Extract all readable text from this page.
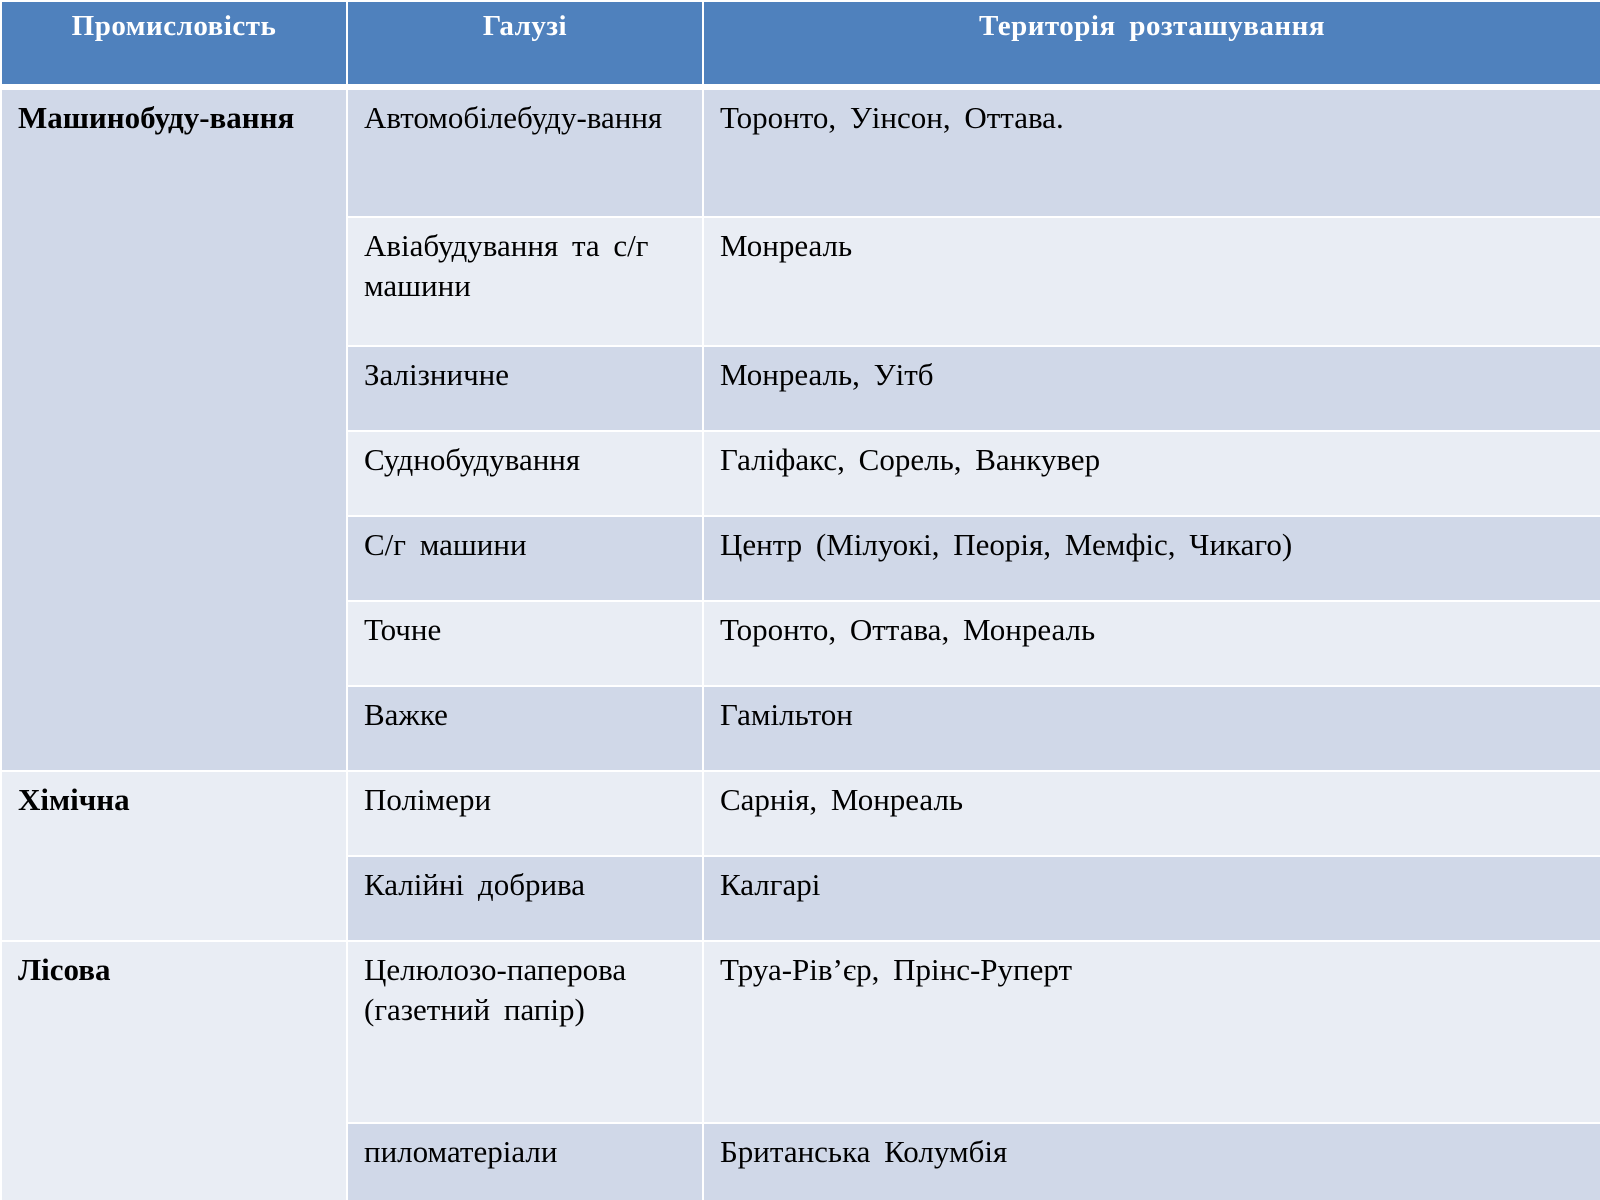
Промисловість	Галузі	Територія розташування
Машинобуду-вання	Автомобілебуду-вання	Торонто, Уінсон, Оттава.
	Авіабудування та с/г машини	Монреаль
	Залізничне	Монреаль, Уітб
	Суднобудування	Галіфакс, Сорель, Ванкувер
	С/г машини	Центр (Мілуокі, Пеорія, Мемфіс, Чикаго)
	Точне	Торонто, Оттава, Монреаль
	Важке	Гамільтон
Хімічна	Полімери	Сарнія, Монреаль
	Калійні добрива	Калгарі
Лісова	Целюлозо-паперова (газетний папір)	Труа-Рів’єр, Прінс-Руперт
	пиломатеріали	Британська Колумбія
